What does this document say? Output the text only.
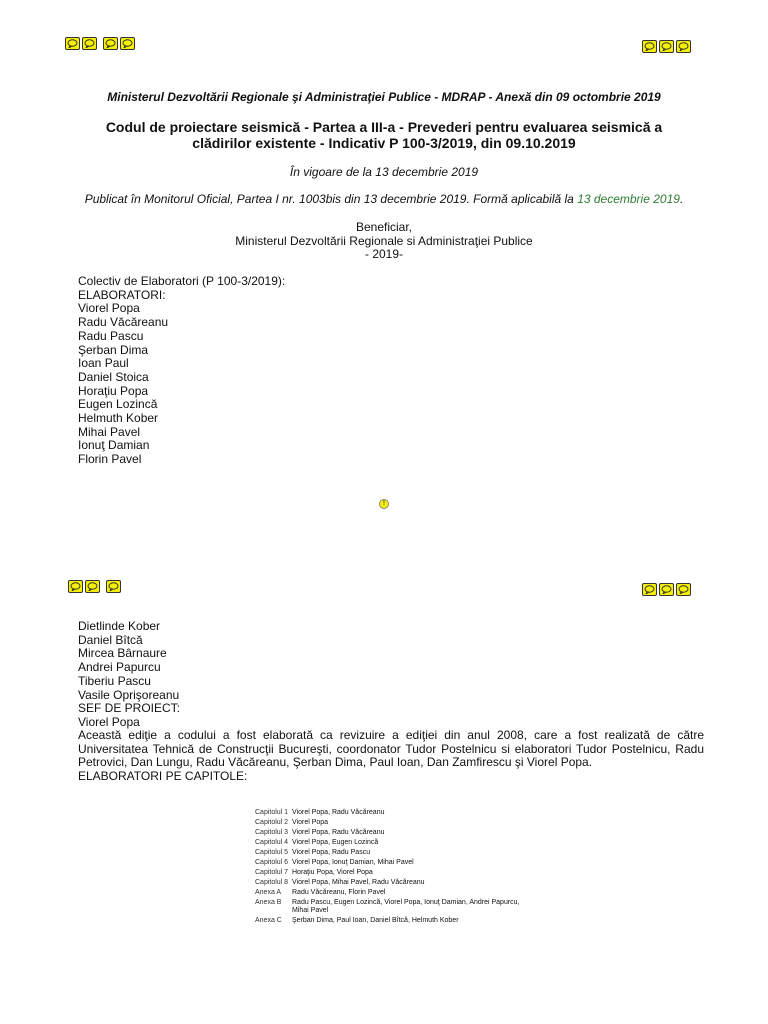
Ministerul Dezvoltării Regionale şi Administraţiei Publice - MDRAP - Anexă din 09 octombrie 2019
Codul de proiectare seismică - Partea a III-a - Prevederi pentru evaluarea seismică a
clădirilor existente - Indicativ P 100-3/2019, din 09.10.2019
În vigoare de la 13 decembrie 2019
Publicat în Monitorul Oficial, Partea I nr. 1003bis din 13 decembrie 2019. Formă aplicabilă la 13 decembrie 2019.
Beneficiar,
Ministerul Dezvoltării Regionale si Administraţiei Publice
- 2019-
Colectiv de Elaboratori (P 100-3/2019):
ELABORATORI:
Viorel Popa
Radu Văcăreanu
Radu Pascu
Şerban Dima
Ioan Paul
Daniel Stoica
Horaţiu Popa
Eugen Lozincă
Helmuth Kober
Mihai Pavel
Ionuţ Damian
Florin Pavel
!
Dietlinde Kober
Daniel Bîtcă
Mircea Bârnaure
Andrei Papurcu
Tiberiu Pascu
Vasile Oprişoreanu
SEF DE PROIECT:
Viorel Popa
Această ediţie a codului a fost elaborată ca revizuire a ediţiei din anul 2008, care a fost realizată de către Universitatea Tehnică de Construcţii Bucureşti, coordonator Tudor Postelnicu si elaboratori Tudor Postelnicu, Radu Petrovici, Dan Lungu, Radu Văcăreanu, Şerban Dima, Paul Ioan, Dan Zamfirescu şi Viorel Popa.
ELABORATORI PE CAPITOLE:
Capitolul 1 Viorel Popa, Radu Văcăreanu
Capitolul 2 Viorel Popa
Capitolul 3 Viorel Popa, Radu Văcăreanu
Capitolul 4 Viorel Popa, Eugen Lozincă
Capitolul 5 Viorel Popa, Radu Pascu
Capitolul 6 Viorel Popa, Ionuţ Damian, Mihai Pavel
Capitolul 7 Horaţiu Popa, Viorel Popa
Capitolul 8 Viorel Popa, Mihai Pavel, Radu Văcăreanu
Anexa A	Radu Văcăreanu, Florin Pavel
Anexa B	Radu Pascu, Eugen Lozincă, Viorel Popa, Ionuţ Damian, Andrei Papurcu, Mihai Pavel
Anexa C	Şerban Dima, Paul Ioan, Daniel Bîtcă, Helmuth Kober
